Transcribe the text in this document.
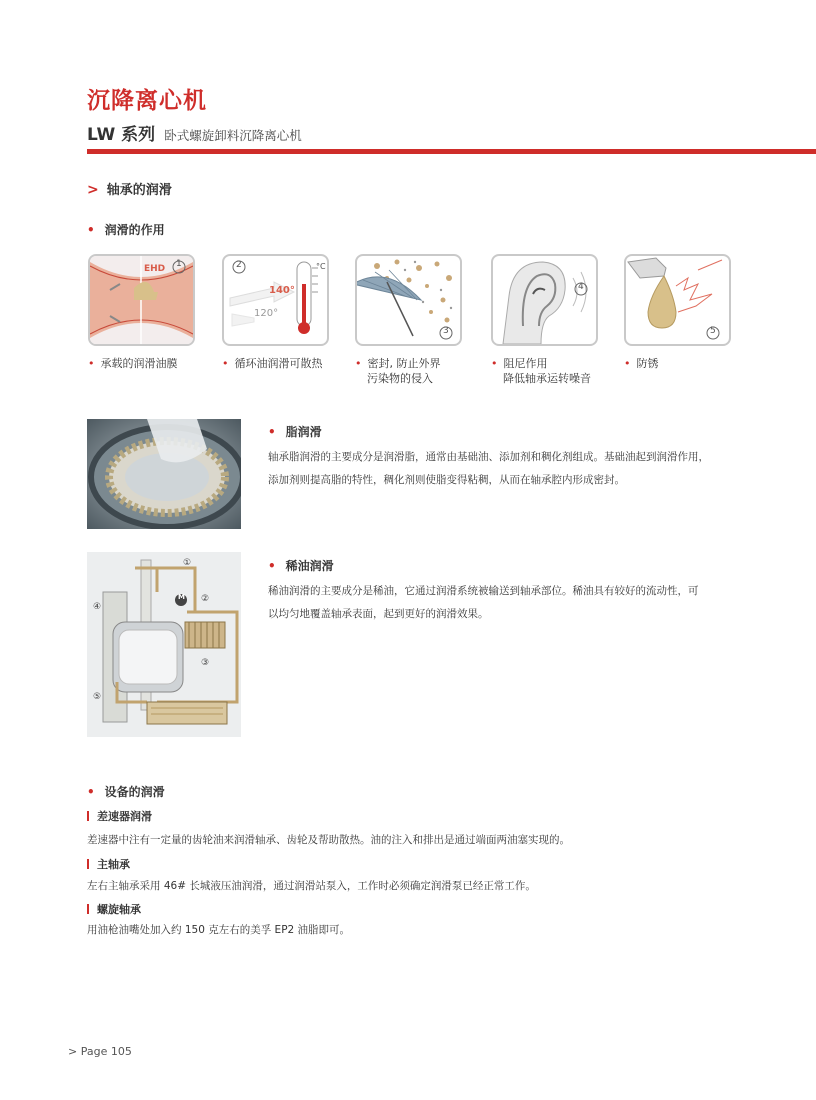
沉降离心机
LW 系列 卧式螺旋卸料沉降离心机
> 轴承的润滑
• 润滑的作用
EHD 1	2	°C
140°
120°
3
4
5
• 承载的润滑油膜	• 循环油润滑可散热	• 密封, 防止外界
污染物的侵入
• 阻尼作用
降低轴承运转噪音
• 防锈
• 脂润滑
轴承脂润滑的主要成分是润滑脂，通常由基础油、添加剂和稠化剂组成。基础油起到润滑作用，
添加剂则提高脂的特性，稠化剂则使脂变得粘稠，从而在轴承腔内形成密封。
M
①
②
③
④
⑤
• 稀油润滑
稀油润滑的主要成分是稀油，它通过润滑系统被输送到轴承部位。稀油具有较好的流动性，可
以均匀地覆盖轴承表面，起到更好的润滑效果。
• 设备的润滑
差速器润滑
差速器中注有一定量的齿轮油来润滑轴承、齿轮及帮助散热。油的注入和排出是通过端面两油塞实现的。
主轴承
左右主轴承采用 46# 长城液压油润滑，通过润滑站泵入，工作时必须确定润滑泵已经正常工作。
螺旋轴承
用油枪油嘴处加入约 150 克左右的美孚 EP2 油脂即可。
> Page 105
